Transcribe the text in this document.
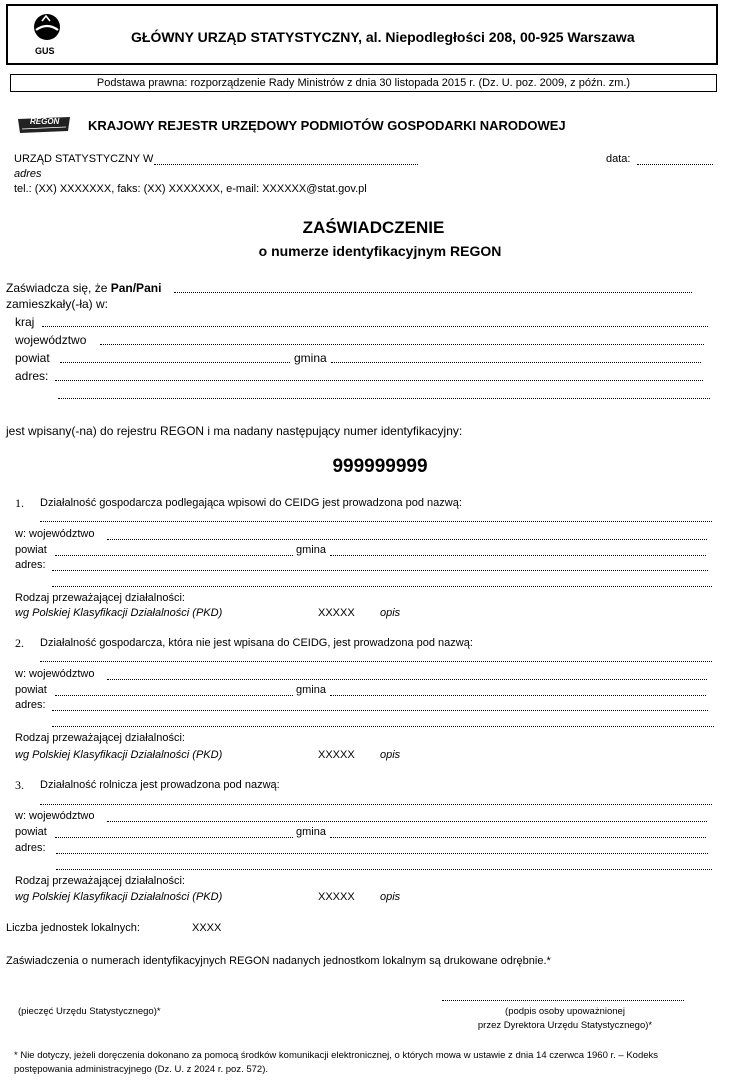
GUS
GŁÓWNY URZĄD STATYSTYCZNY, al. Niepodległości 208, 00-925 Warszawa
Podstawa prawna: rozporządzenie Rady Ministrów z dnia 30 listopada 2015 r. (Dz. U. poz. 2009, z późn. zm.)
REGON KRAJOWY REJESTR URZĘDOWY PODMIOTÓW GOSPODARKI NARODOWEJ
URZĄD STATYSTYCZNY W	data:
adres
tel.: (XX) XXXXXXX, faks: (XX) XXXXXXX, e-mail: XXXXXX@stat.gov.pl
ZAŚWIADCZENIE
o numerze identyfikacyjnym REGON
Zaświadcza się, że Pan/Pani
zamieszkały(-ła) w:
kraj
województwo
powiat	gmina
adres:
jest wpisany(-na) do rejestru REGON i ma nadany następujący numer identyfikacyjny:
999999999
1. Działalność gospodarcza podlegająca wpisowi do CEIDG jest prowadzona pod nazwą:
w: województwo
powiat	gmina
adres:
Rodzaj przeważającej działalności:
wg Polskiej Klasyfikacji Działalności (PKD)	XXXXX opis
2. Działalność gospodarcza, która nie jest wpisana do CEIDG, jest prowadzona pod nazwą:
w: województwo
powiat	gmina
adres:
Rodzaj przeważającej działalności:
wg Polskiej Klasyfikacji Działalności (PKD)	XXXXX opis
3. Działalność rolnicza jest prowadzona pod nazwą:
w: województwo
powiat	gmina
adres:
Rodzaj przeważającej działalności:
wg Polskiej Klasyfikacji Działalności (PKD)	XXXXX opis
Liczba jednostek lokalnych:	XXXX
Zaświadczenia o numerach identyfikacyjnych REGON nadanych jednostkom lokalnym są drukowane odrębnie.*
(pieczęć Urzędu Statystycznego)*	(podpis osoby upoważnionej
przez Dyrektora Urzędu Statystycznego)*
* Nie dotyczy, jeżeli doręczenia dokonano za pomocą środków komunikacji elektronicznej, o których mowa w ustawie z dnia 14 czerwca 1960 r. – Kodeks
postępowania administracyjnego (Dz. U. z 2024 r. poz. 572).
